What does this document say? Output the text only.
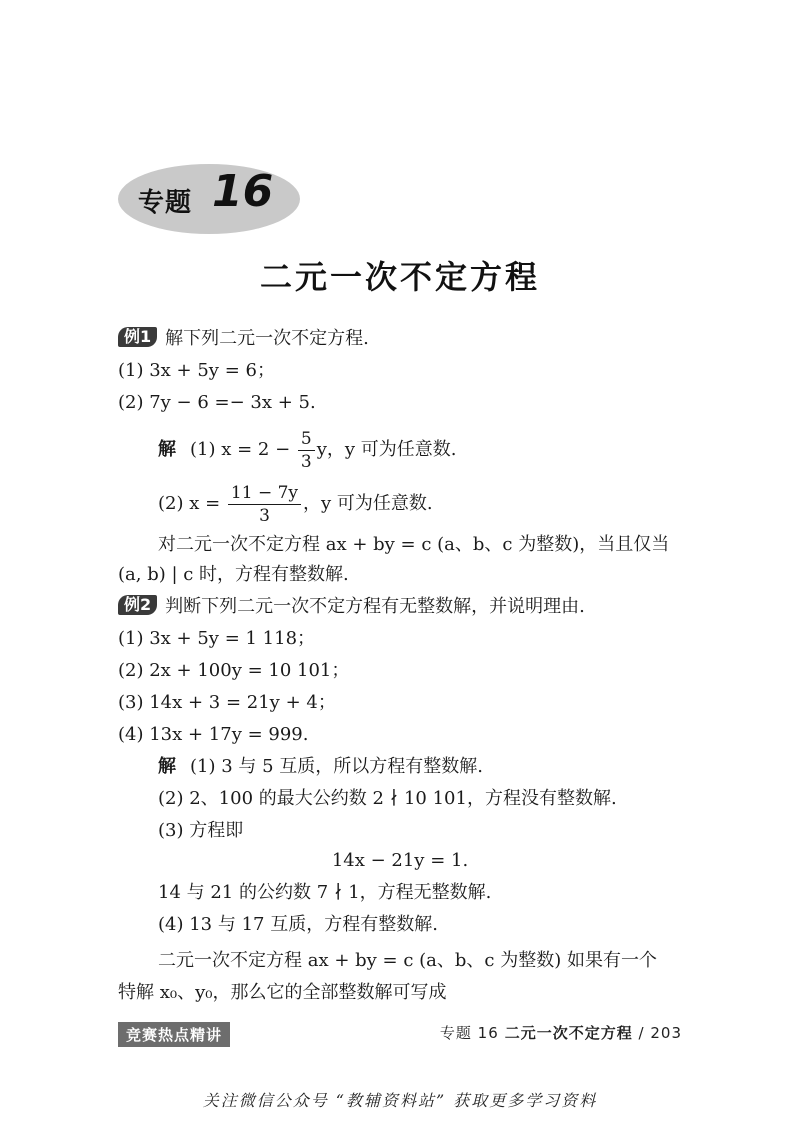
专题 16
二元一次不定方程
例1 解下列二元一次不定方程.
(1) 3x + 5y = 6；
(2) 7y − 6 =− 3x + 5.
解 (1) $x = 2 - \frac{5}{3}$ y，y 可为任意数.
(2) $x = \frac{11 - 7y}{3}$ ，y 可为任意数.
对二元一次不定方程 ax + by = c (a、b、c 为整数)，当且仅当
(a, b) | c 时，方程有整数解.
例2 判断下列二元一次不定方程有无整数解，并说明理由.
(1) 3x + 5y = 1 118；
(2) 2x + 100y = 10 101；
(3) 14x + 3 = 21y + 4；
(4) 13x + 17y = 999.
解 (1) 3 与 5 互质，所以方程有整数解.
(2) 2、100 的最大公约数 2 ∤ 10 101，方程没有整数解.
(3) 方程即
14x − 21y = 1.
14 与 21 的公约数 7 ∤ 1，方程无整数解.
(4) 13 与 17 互质，方程有整数解.
二元一次不定方程 ax + by = c (a、b、c 为整数) 如果有一个
特解 x₀、y₀，那么它的全部整数解可写成
竞赛热点精讲	专题 16 二元一次不定方程 / 203
关注微信公众号 “教辅资料站” 获取更多学习资料
